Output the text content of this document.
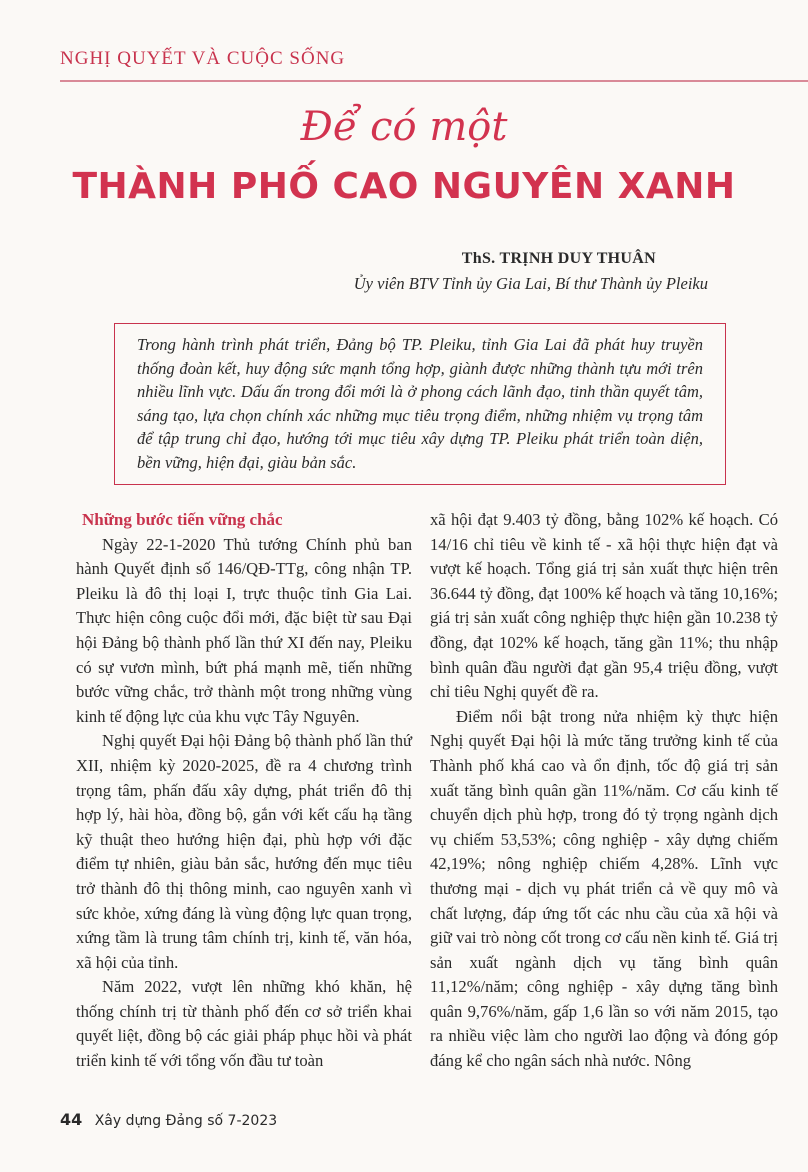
NGHỊ QUYẾT VÀ CUỘC SỐNG
Để có một
THÀNH PHỐ CAO NGUYÊN XANH
ThS. TRỊNH DUY THUÂN
Ủy viên BTV Tỉnh ủy Gia Lai, Bí thư Thành ủy Pleiku
Trong hành trình phát triển, Đảng bộ TP. Pleiku, tỉnh Gia Lai đã phát huy truyền thống đoàn kết, huy động sức mạnh tổng hợp, giành được những thành tựu mới trên nhiều lĩnh vực. Dấu ấn trong đổi mới là ở phong cách lãnh đạo, tinh thần quyết tâm, sáng tạo, lựa chọn chính xác những mục tiêu trọng điểm, những nhiệm vụ trọng tâm để tập trung chỉ đạo, hướng tới mục tiêu xây dựng TP. Pleiku phát triển toàn diện, bền vững, hiện đại, giàu bản sắc.

Những bước tiến vững chắc

Ngày 22-1-2020 Thủ tướng Chính phủ ban hành Quyết định số 146/QĐ-TTg, công nhận TP. Pleiku là đô thị loại I, trực thuộc tỉnh Gia Lai. Thực hiện công cuộc đổi mới, đặc biệt từ sau Đại hội Đảng bộ thành phố lần thứ XI đến nay, Pleiku có sự vươn mình, bứt phá mạnh mẽ, tiến những bước vững chắc, trở thành một trong những vùng kinh tế động lực của khu vực Tây Nguyên.

Nghị quyết Đại hội Đảng bộ thành phố lần thứ XII, nhiệm kỳ 2020-2025, đề ra 4 chương trình trọng tâm, phấn đấu xây dựng, phát triển đô thị hợp lý, hài hòa, đồng bộ, gắn với kết cấu hạ tầng kỹ thuật theo hướng hiện đại, phù hợp với đặc điểm tự nhiên, giàu bản sắc, hướng đến mục tiêu trở thành đô thị thông minh, cao nguyên xanh vì sức khỏe, xứng đáng là vùng động lực quan trọng, xứng tầm là trung tâm chính trị, kinh tế, văn hóa, xã hội của tỉnh.

Năm 2022, vượt lên những khó khăn, hệ thống chính trị từ thành phố đến cơ sở triển khai quyết liệt, đồng bộ các giải pháp phục hồi và phát triển kinh tế với tổng vốn đầu tư toàn

xã hội đạt 9.403 tỷ đồng, bằng 102% kế hoạch. Có 14/16 chỉ tiêu về kinh tế - xã hội thực hiện đạt và vượt kế hoạch. Tổng giá trị sản xuất thực hiện trên 36.644 tỷ đồng, đạt 100% kế hoạch và tăng 10,16%; giá trị sản xuất công nghiệp thực hiện gần 10.238 tỷ đồng, đạt 102% kế hoạch, tăng gần 11%; thu nhập bình quân đầu người đạt gần 95,4 triệu đồng, vượt chỉ tiêu Nghị quyết đề ra.

Điểm nổi bật trong nửa nhiệm kỳ thực hiện Nghị quyết Đại hội là mức tăng trưởng kinh tế của Thành phố khá cao và ổn định, tốc độ giá trị sản xuất tăng bình quân gần 11%/năm. Cơ cấu kinh tế chuyển dịch phù hợp, trong đó tỷ trọng ngành dịch vụ chiếm 53,53%; công nghiệp - xây dựng chiếm 42,19%; nông nghiệp chiếm 4,28%. Lĩnh vực thương mại - dịch vụ phát triển cả về quy mô và chất lượng, đáp ứng tốt các nhu cầu của xã hội và giữ vai trò nòng cốt trong cơ cấu nền kinh tế. Giá trị sản xuất ngành dịch vụ tăng bình quân 11,12%/năm; công nghiệp - xây dựng tăng bình quân 9,76%/năm, gấp 1,6 lần so với năm 2015, tạo ra nhiều việc làm cho người lao động và đóng góp đáng kể cho ngân sách nhà nước. Nông

44 Xây dựng Đảng số 7-2023
